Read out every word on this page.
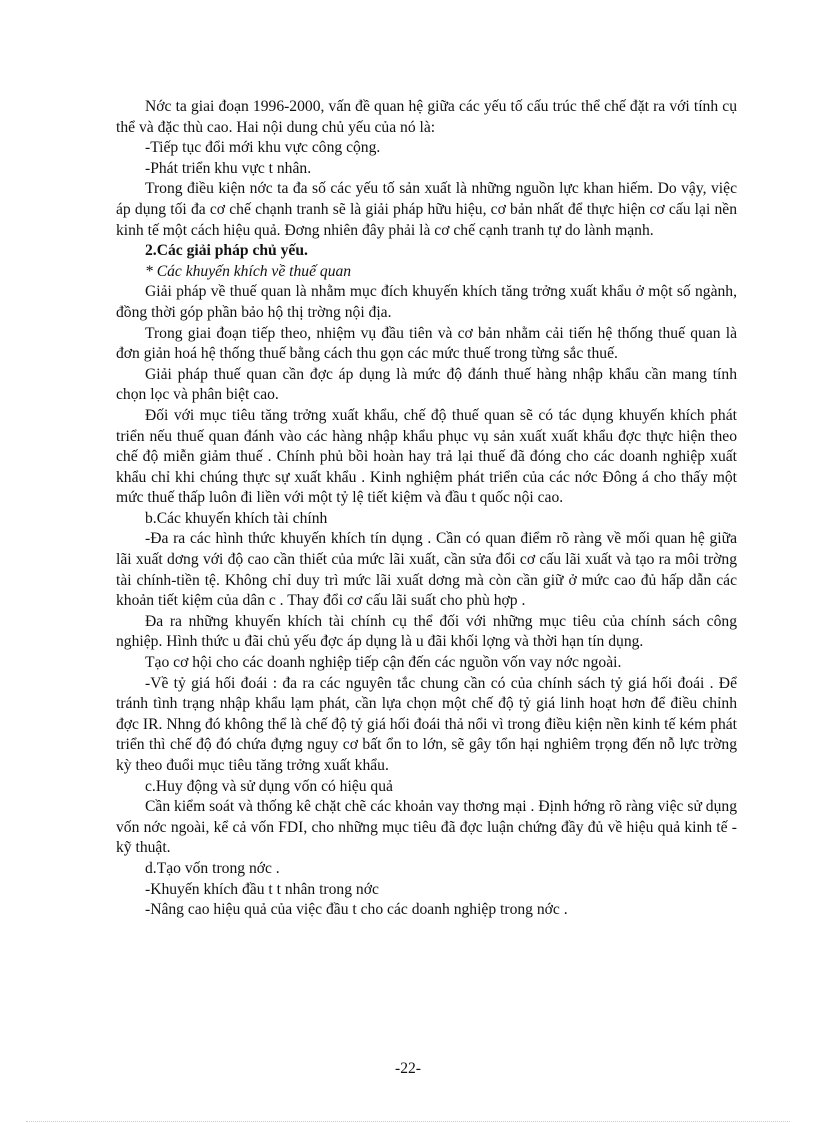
Nớc ta giai đoạn 1996-2000, vấn đề quan hệ giữa các yếu tố cấu trúc thể chế đặt ra với tính cụ thể và đặc thù cao. Hai nội dung chủ yếu của nó là:

-Tiếp tục đổi mới khu vực công cộng.

-Phát triển khu vực t nhân.

Trong điều kiện nớc ta đa số các yếu tố sản xuất là những nguồn lực khan hiếm. Do vậy, việc áp dụng tối đa cơ chế chạnh tranh sẽ là giải pháp hữu hiệu, cơ bản nhất để thực hiện cơ cấu lại nền kinh tế một cách hiệu quả. Đơng nhiên đây phải là cơ chế cạnh tranh tự do lành mạnh.

2.Các giải pháp chủ yếu.

* Các khuyến khích về thuế quan

Giải pháp về thuế quan là nhằm mục đích khuyến khích tăng trởng xuất khẩu ở một số ngành, đồng thời góp phần bảo hộ thị trờng nội địa.

Trong giai đoạn tiếp theo, nhiệm vụ đầu tiên và cơ bản nhằm cải tiến hệ thống thuế quan là đơn giản hoá hệ thống thuế bằng cách thu gọn các mức thuế trong từng sắc thuế.

Giải pháp thuế quan cần đợc áp dụng là mức độ đánh thuế hàng nhập khẩu cần mang tính chọn lọc và phân biệt cao.

Đối với mục tiêu tăng trởng xuất khẩu, chế độ thuế quan sẽ có tác dụng khuyến khích phát triển nếu thuế quan đánh vào các hàng nhập khẩu phục vụ sản xuất xuất khẩu đợc thực hiện theo chế độ miễn giảm thuế . Chính phủ bồi hoàn hay trả lại thuế đã đóng cho các doanh nghiệp xuất khẩu chỉ khi chúng thực sự xuất khẩu . Kinh nghiệm phát triển của các nớc Đông á cho thấy một mức thuế thấp luôn đi liền với một tỷ lệ tiết kiệm và đầu t quốc nội cao.

b.Các khuyến khích tài chính

-Đa ra các hình thức khuyến khích tín dụng . Cần có quan điểm rõ ràng về mối quan hệ giữa lãi xuất dơng với độ cao cần thiết của mức lãi xuất, cần sửa đổi cơ cấu lãi xuất và tạo ra môi trờng tài chính-tiền tệ. Không chỉ duy trì mức lãi xuất dơng mà còn cần giữ ở mức cao đủ hấp dẫn các khoản tiết kiệm của dân c . Thay đổi cơ cấu lãi suất cho phù hợp .

Đa ra những khuyến khích tài chính cụ thể đối với những mục tiêu của chính sách công nghiệp. Hình thức u đãi chủ yếu đợc áp dụng là u đãi khối lợng và thời hạn tín dụng.

Tạo cơ hội cho các doanh nghiệp tiếp cận đến các nguồn vốn vay nớc ngoài.

-Về tỷ giá hối đoái : đa ra các nguyên tắc chung cần có của chính sách tỷ giá hối đoái . Để tránh tình trạng nhập khẩu lạm phát, cần lựa chọn một chế độ tỷ giá linh hoạt hơn để điều chỉnh đợc IR. Nhng đó không thể là chế độ tỷ giá hối đoái thả nổi vì trong điều kiện nền kinh tế kém phát triển thì chế độ đó chứa đựng nguy cơ bất ổn to lớn, sẽ gây tổn hại nghiêm trọng đến nỗ lực trờng kỳ theo đuổi mục tiêu tăng trởng xuất khẩu.

c.Huy động và sử dụng vốn có hiệu quả

Cần kiểm soát và thống kê chặt chẽ các khoản vay thơng mại . Định hớng rõ ràng việc sử dụng vốn nớc ngoài, kể cả vốn FDI, cho những mục tiêu đã đợc luận chứng đầy đủ về hiệu quả kinh tế - kỹ thuật.

d.Tạo vốn trong nớc .

-Khuyến khích đầu t t nhân trong nớc

-Nâng cao hiệu quả của việc đầu t cho các doanh nghiệp trong nớc .

-22-
